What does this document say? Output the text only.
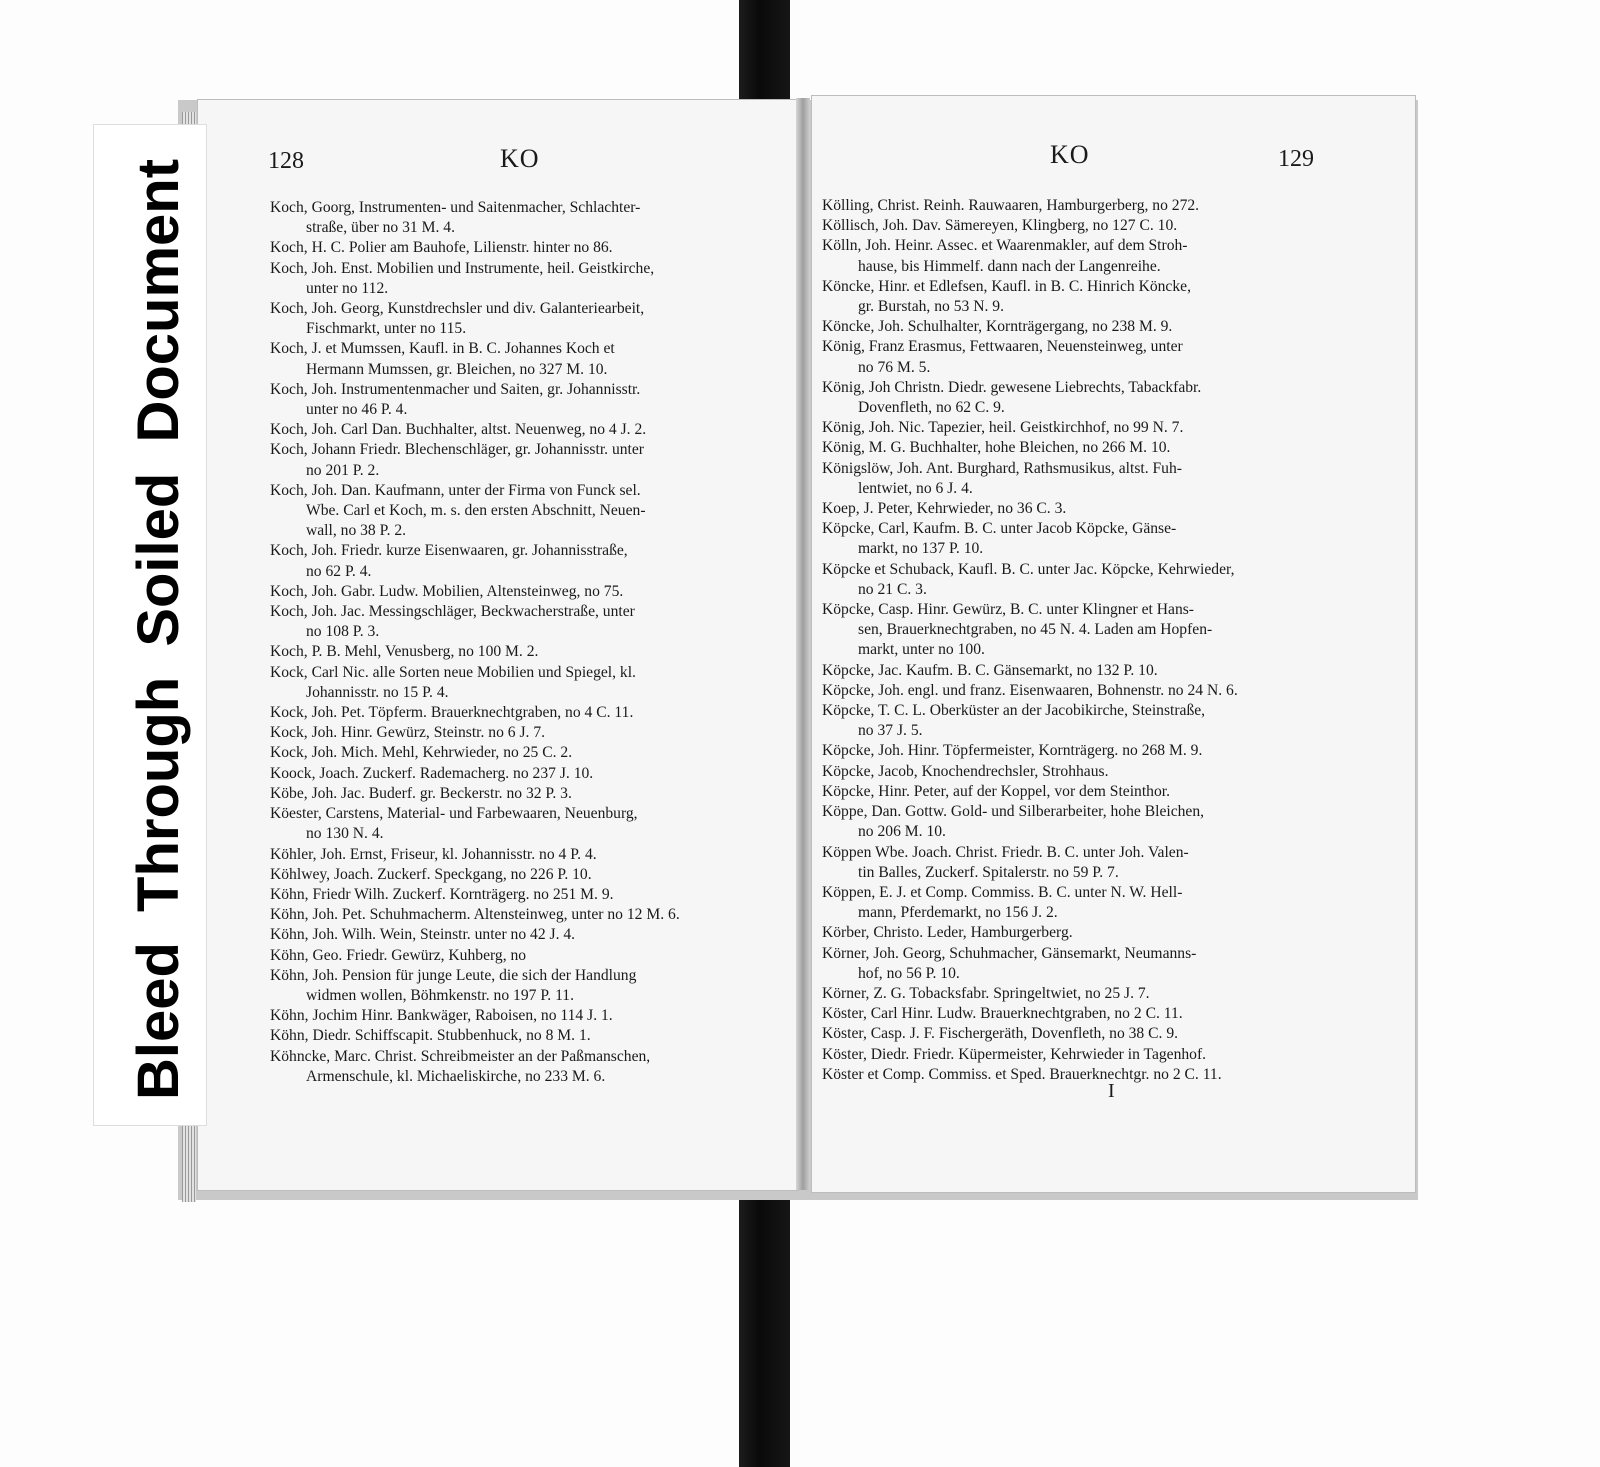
Bleed Through Soiled Document	128	KO	KO	129
Koch, Goorg, Instrumenten- und Saitenmacher, Schlachter-
straße, über no 31 M. 4.
Koch, H. C. Polier am Bauhofe, Lilienstr. hinter no 86.
Koch, Joh. Enst. Mobilien und Instrumente, heil. Geistkirche,
unter no 112.
Koch, Joh. Georg, Kunstdrechsler und div. Galanteriearbeit,
Fischmarkt, unter no 115.
Koch, J. et Mumssen, Kaufl. in B. C. Johannes Koch et
Hermann Mumssen, gr. Bleichen, no 327 M. 10.
Koch, Joh. Instrumentenmacher und Saiten, gr. Johannisstr.
unter no 46 P. 4.
Koch, Joh. Carl Dan. Buchhalter, altst. Neuenweg, no 4 J. 2.
Koch, Johann Friedr. Blechenschläger, gr. Johannisstr. unter
no 201 P. 2.
Koch, Joh. Dan. Kaufmann, unter der Firma von Funck sel.
Wbe. Carl et Koch, m. s. den ersten Abschnitt, Neuen-
wall, no 38 P. 2.
Koch, Joh. Friedr. kurze Eisenwaaren, gr. Johannisstraße,
no 62 P. 4.
Koch, Joh. Gabr. Ludw. Mobilien, Altensteinweg, no 75.
Koch, Joh. Jac. Messingschläger, Beckwacherstraße, unter
no 108 P. 3.
Koch, P. B. Mehl, Venusberg, no 100 M. 2.
Kock, Carl Nic. alle Sorten neue Mobilien und Spiegel, kl.
Johannisstr. no 15 P. 4.
Kock, Joh. Pet. Töpferm. Brauerknechtgraben, no 4 C. 11.
Kock, Joh. Hinr. Gewürz, Steinstr. no 6 J. 7.
Kock, Joh. Mich. Mehl, Kehrwieder, no 25 C. 2.
Koock, Joach. Zuckerf. Rademacherg. no 237 J. 10.
Köbe, Joh. Jac. Buderf. gr. Beckerstr. no 32 P. 3.
Köester, Carstens, Material- und Farbewaaren, Neuenburg,
no 130 N. 4.
Köhler, Joh. Ernst, Friseur, kl. Johannisstr. no 4 P. 4.
Köhlwey, Joach. Zuckerf. Speckgang, no 226 P. 10.
Köhn, Friedr Wilh. Zuckerf. Kornträgerg. no 251 M. 9.
Köhn, Joh. Pet. Schuhmacherm. Altensteinweg, unter no 12 M. 6.
Köhn, Joh. Wilh. Wein, Steinstr. unter no 42 J. 4.
Köhn, Geo. Friedr. Gewürz, Kuhberg, no
Köhn, Joh. Pension für junge Leute, die sich der Handlung
widmen wollen, Böhmkenstr. no 197 P. 11.
Köhn, Jochim Hinr. Bankwäger, Raboisen, no 114 J. 1.
Köhn, Diedr. Schiffscapit. Stubbenhuck, no 8 M. 1.
Köhncke, Marc. Christ. Schreibmeister an der Paßmanschen,
Armenschule, kl. Michaeliskirche, no 233 M. 6.
Kölling, Christ. Reinh. Rauwaaren, Hamburgerberg, no 272.
Köllisch, Joh. Dav. Sämereyen, Klingberg, no 127 C. 10.
Kölln, Joh. Heinr. Assec. et Waarenmakler, auf dem Stroh-
hause, bis Himmelf. dann nach der Langenreihe.
Köncke, Hinr. et Edlefsen, Kaufl. in B. C. Hinrich Köncke,
gr. Burstah, no 53 N. 9.
Köncke, Joh. Schulhalter, Kornträgergang, no 238 M. 9.
König, Franz Erasmus, Fettwaaren, Neuensteinweg, unter
no 76 M. 5.
König, Joh Christn. Diedr. gewesene Liebrechts, Tabackfabr.
Dovenfleth, no 62 C. 9.
König, Joh. Nic. Tapezier, heil. Geistkirchhof, no 99 N. 7.
König, M. G. Buchhalter, hohe Bleichen, no 266 M. 10.
Königslöw, Joh. Ant. Burghard, Rathsmusikus, altst. Fuh-
lentwiet, no 6 J. 4.
Koep, J. Peter, Kehrwieder, no 36 C. 3.
Köpcke, Carl, Kaufm. B. C. unter Jacob Köpcke, Gänse-
markt, no 137 P. 10.
Köpcke et Schuback, Kaufl. B. C. unter Jac. Köpcke, Kehrwieder,
no 21 C. 3.
Köpcke, Casp. Hinr. Gewürz, B. C. unter Klingner et Hans-
sen, Brauerknechtgraben, no 45 N. 4. Laden am Hopfen-
markt, unter no 100.
Köpcke, Jac. Kaufm. B. C. Gänsemarkt, no 132 P. 10.
Köpcke, Joh. engl. und franz. Eisenwaaren, Bohnenstr. no 24 N. 6.
Köpcke, T. C. L. Oberküster an der Jacobikirche, Steinstraße,
no 37 J. 5.
Köpcke, Joh. Hinr. Töpfermeister, Kornträgerg. no 268 M. 9.
Köpcke, Jacob, Knochendrechsler, Strohhaus.
Köpcke, Hinr. Peter, auf der Koppel, vor dem Steinthor.
Köppe, Dan. Gottw. Gold- und Silberarbeiter, hohe Bleichen,
no 206 M. 10.
Köppen Wbe. Joach. Christ. Friedr. B. C. unter Joh. Valen-
tin Balles, Zuckerf. Spitalerstr. no 59 P. 7.
Köppen, E. J. et Comp. Commiss. B. C. unter N. W. Hell-
mann, Pferdemarkt, no 156 J. 2.
Körber, Christo. Leder, Hamburgerberg.
Körner, Joh. Georg, Schuhmacher, Gänsemarkt, Neumanns-
hof, no 56 P. 10.
Körner, Z. G. Tobacksfabr. Springeltwiet, no 25 J. 7.
Köster, Carl Hinr. Ludw. Brauerknechtgraben, no 2 C. 11.
Köster, Casp. J. F. Fischergeräth, Dovenfleth, no 38 C. 9.
Köster, Diedr. Friedr. Küpermeister, Kehrwieder in Tagenhof.
Köster et Comp. Commiss. et Sped. Brauerknechtgr. no 2 C. 11.
I
